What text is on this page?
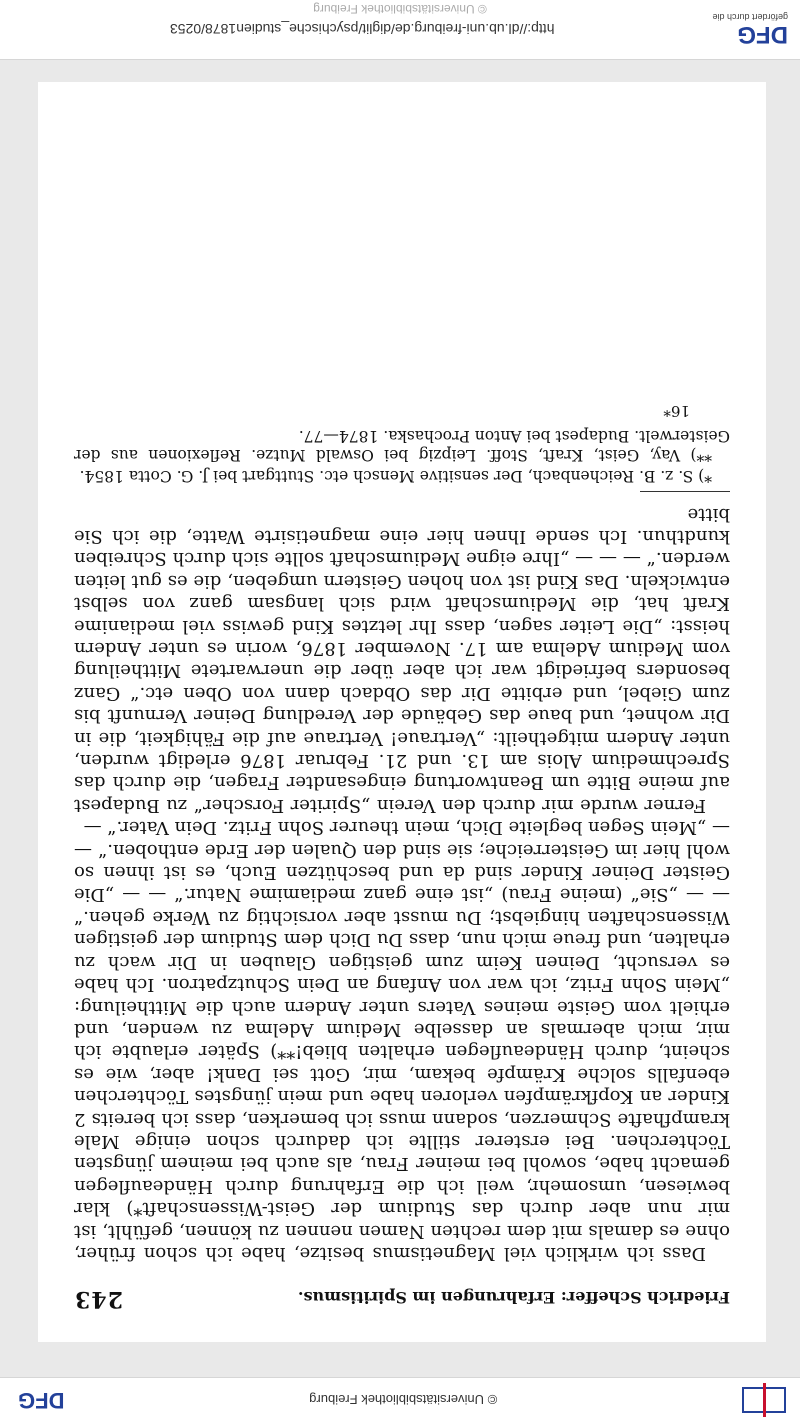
© Universitätsbibliothek Freiburg
DFG
Friedrich Scheffer: Erfahrungen im Spiritismus.
243

Dass ich wirklich viel Magnetismus besitze, habe ich schon früher, ohne es damals mit dem rechten Namen nennen zu können, gefühlt, ist mir nun aber durch das Studium der Geist-Wissenschaft*) klar bewiesen, umsomehr, weil ich die Erfahrung durch Händeauflegen gemacht habe, sowohl bei meiner Frau, als auch bei meinem jüngsten Töchterchen. Bei ersterer stillte ich dadurch schon einige Male krampfhafte Schmerzen, sodann muss ich bemerken, dass ich bereits 2 Kinder an Kopfkrämpfen verloren habe und mein jüngstes Töchterchen ebenfalls solche Krämpfe bekam, mir, Gott sei Dank! aber, wie es scheint, durch Händeauflegen erhalten blieb!**) Später erlaubte ich mir, mich abermals an dasselbe Medium Adelma zu wenden, und erhielt vom Geiste meines Vaters unter Andern auch die Mittheilung: „Mein Sohn Fritz, ich war von Anfang an Dein Schutzpatron. Ich habe es versucht, Deinen Keim zum geistigen Glauben in Dir wach zu erhalten, und freue mich nun, dass Du Dich dem Studium der geistigen Wissenschaften hingiebst; Du musst aber vorsichtig zu Werke gehen.“ — — „Sie“ (meine Frau) „ist eine ganz mediamime Natur.“ — — „Die Geister Deiner Kinder sind da und beschützen Euch, es ist ihnen so wohl hier im Geisterreiche; sie sind den Qualen der Erde enthoben.“ — — „Mein Segen begleite Dich, mein theurer Sohn Fritz. Dein Vater.“ —

Ferner wurde mir durch den Verein „Spiriter Forscher“ zu Budapest auf meine Bitte um Beantwortung eingesandter Fragen, die durch das Sprechmedium Alois am 13. und 21. Februar 1876 erledigt wurden, unter Andern mitgetheilt: „Vertraue! Vertraue auf die Fähigkeit, die in Dir wohnet, und baue das Gebäude der Veredlung Deiner Vernunft bis zum Giebel, und erbitte Dir das Obdach dann von Oben etc.“ Ganz besonders befriedigt war ich aber über die unerwartete Mittheilung vom Medium Adelma am 17. November 1876, worin es unter Andern heisst: „Die Leiter sagen, dass Ihr letztes Kind gewiss viel medianime Kraft hat, die Mediumschaft wird sich langsam ganz von selbst entwickeln. Das Kind ist von hohen Geistern umgeben, die es gut leiten werden.“ — — — „Ihre eigne Mediumschaft sollte sich durch Schreiben kundthun. Ich sende Ihnen hier eine magnetisirte Watte, die ich Sie bitte

*) S. z. B. Reichenbach, Der sensitive Mensch etc. Stuttgart bei J. G. Cotta 1854.

**) Vay, Geist, Kraft, Stoff. Leipzig bei Oswald Mutze. Reflexionen aus der Geisterwelt. Budapest bei Anton Prochaska. 1874—77.

16*
DFG
gefördert durch die
http://dl.ub.uni-freiburg.de/diglit/psychische_studien1878/0253
© Universitätsbibliothek Freiburg
